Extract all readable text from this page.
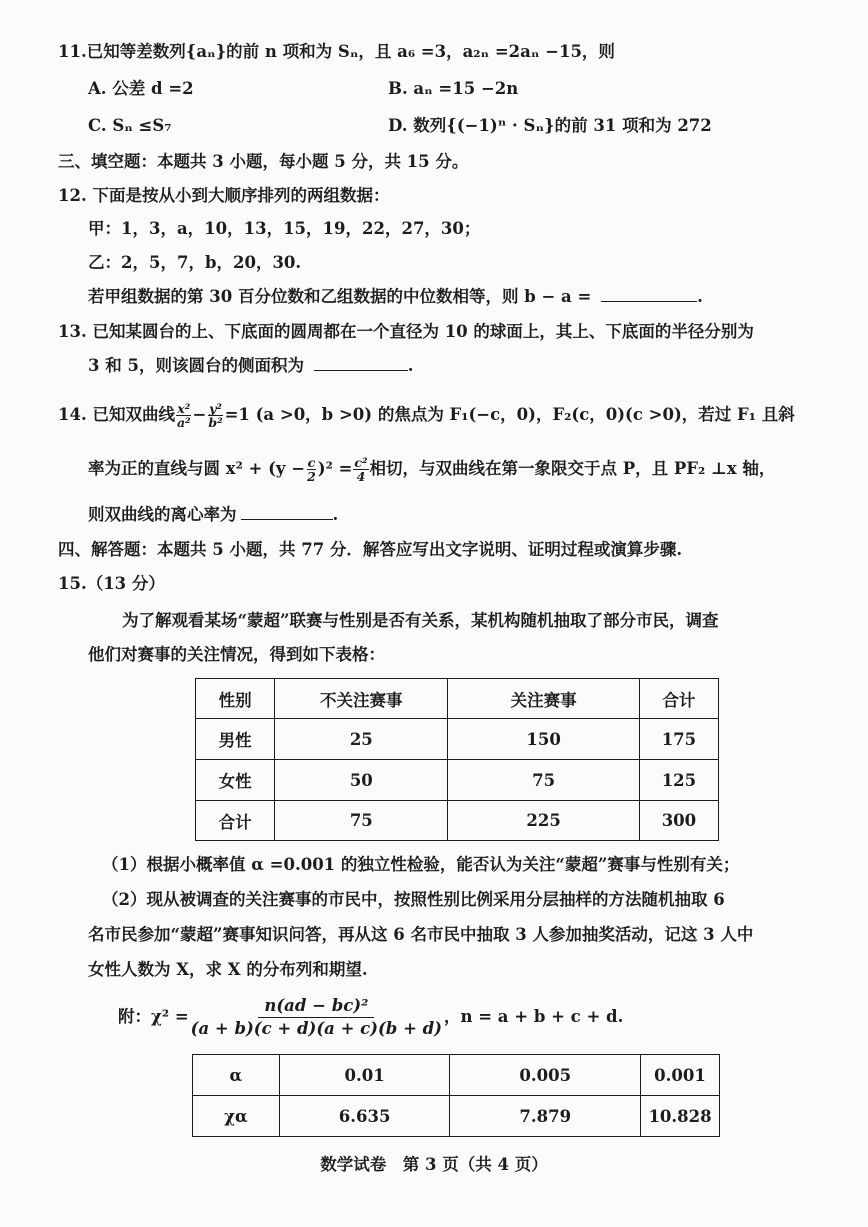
11.已知等差数列{aₙ}的前 n 项和为 Sₙ，且 a₆ =3，a₂ₙ =2aₙ −15，则
A. 公差 d =2	B. aₙ =15 −2n
C. Sₙ ≤S₇	D. 数列{(−1)ⁿ · Sₙ}的前 31 项和为 272
三、填空题：本题共 3 小题，每小题 5 分，共 15 分。
12. 下面是按从小到大顺序排列的两组数据：
甲：1，3，a，10，13，15，19，22，27，30；
乙：2，5，7，b，20，30.
若甲组数据的第 30 百分位数和乙组数据的中位数相等，则 b − a =	.
13. 已知某圆台的上、下底面的圆周都在一个直径为 10 的球面上，其上、下底面的半径分别为
3 和 5，则该圆台的侧面积为	.
14. 已知双曲线 $\frac{\text{x²}}{\text{a²}} - \frac{\text{y²}}{\text{b²}} =1$ (a >0，b >0) 的焦点为 F₁(−c，0)，F₂(c，0)(c >0)，若过 F₁ 且斜
率为正的直线与圆 $x^2 + (y - \frac{c}{2} )^2 = \frac{\text{c²}}{4}$ 相切，与双曲线在第一象限交于点 P，且 PF₂ ⊥x 轴，
则双曲线的离心率为	.
四、解答题：本题共 5 小题，共 77 分．解答应写出文字说明、证明过程或演算步骤.
15.（13 分）
为了解观看某场“蒙超”联赛与性别是否有关系，某机构随机抽取了部分市民，调查
他们对赛事的关注情况，得到如下表格：
性别	不关注赛事	关注赛事	合计
男性	25	150	175
女性	50	75	125
合计	75	225	300
（1）根据小概率值 α =0.001 的独立性检验，能否认为关注“蒙超”赛事与性别有关；
（2）现从被调查的关注赛事的市民中，按照性别比例采用分层抽样的方法随机抽取 6
名市民参加“蒙超”赛事知识问答，再从这 6 名市民中抽取 3 人参加抽奖活动，记这 3 人中
女性人数为 X，求 X 的分布列和期望.
附：$\chi^2 = \frac{\text{n(ad − bc)²}}{(a + b)(c + d)(a + c)(b + d)}$ ，n = a + b + c + d.
α	0.01	0.005	0.001
χα	6.635	7.879	10.828
数学试卷　第 3 页（共 4 页）
